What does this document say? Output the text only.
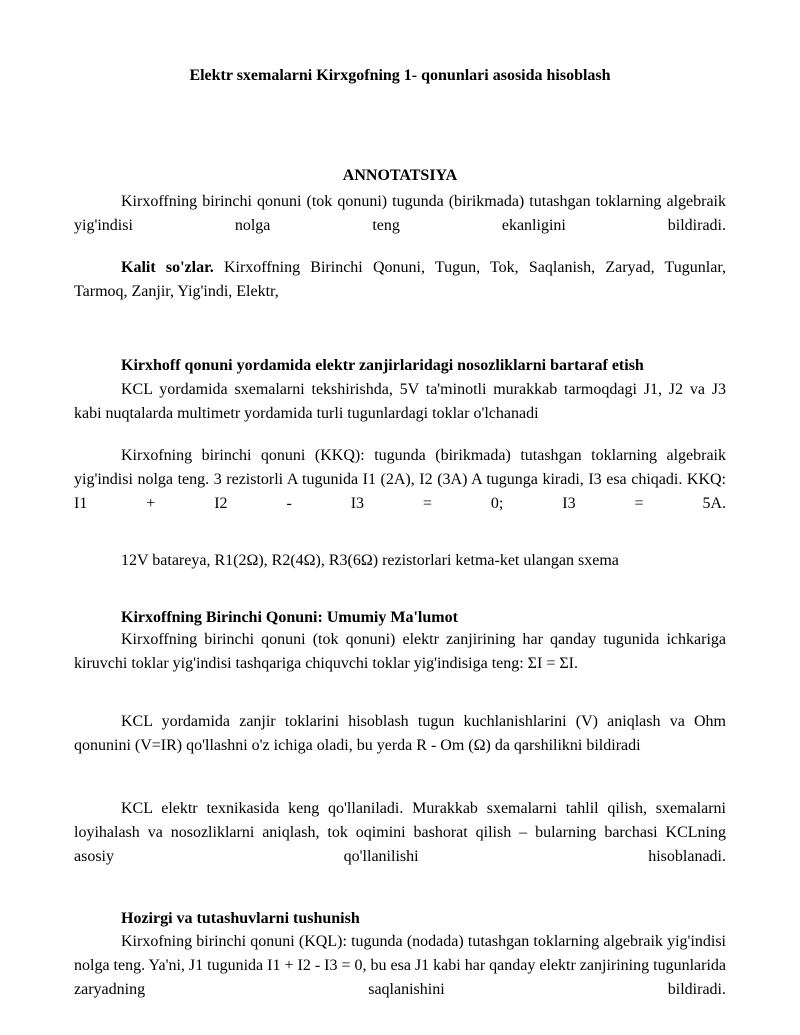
Elektr sxemalarni Kirxgofning 1- qonunlari asosida hisoblash
ANNOTATSIYA
Kirxoffning birinchi qonuni (tok qonuni) tugunda (birikmada) tutashgan toklarning algebraik yig'indisi nolga teng ekanligini bildiradi.
Kalit so'zlar. Kirxoffning Birinchi Qonuni, Tugun, Tok, Saqlanish, Zaryad, Tugunlar, Tarmoq, Zanjir, Yig'indi, Elektr,
Kirxhoff qonuni yordamida elektr zanjirlaridagi nosozliklarni bartaraf etish
KCL yordamida sxemalarni tekshirishda, 5V ta'minotli murakkab tarmoqdagi J1, J2 va J3 kabi nuqtalarda multimetr yordamida turli tugunlardagi toklar o'lchanadi
Kirxofning birinchi qonuni (KKQ): tugunda (birikmada) tutashgan toklarning algebraik yig'indisi nolga teng. 3 rezistorli A tugunida I1 (2A), I2 (3A) A tugunga kiradi, I3 esa chiqadi. KKQ: I1 + I2 - I3 = 0; I3 = 5A.
12V batareya, R1(2Ω), R2(4Ω), R3(6Ω) rezistorlari ketma-ket ulangan sxema
Kirxoffning Birinchi Qonuni: Umumiy Ma'lumot
Kirxoffning birinchi qonuni (tok qonuni) elektr zanjirining har qanday tugunida ichkariga kiruvchi toklar yig'indisi tashqariga chiquvchi toklar yig'indisiga teng: ΣI = ΣI.
KCL yordamida zanjir toklarini hisoblash tugun kuchlanishlarini (V) aniqlash va Ohm qonunini (V=IR) qo'llashni o'z ichiga oladi, bu yerda R - Om (Ω) da qarshilikni bildiradi
KCL elektr texnikasida keng qo'llaniladi. Murakkab sxemalarni tahlil qilish, sxemalarni loyihalash va nosozliklarni aniqlash, tok oqimini bashorat qilish – bularning barchasi KCLning asosiy qo'llanilishi hisoblanadi.
Hozirgi va tutashuvlarni tushunish
Kirxofning birinchi qonuni (KQL): tugunda (nodada) tutashgan toklarning algebraik yig'indisi nolga teng. Ya'ni, J1 tugunida I1 + I2 - I3 = 0, bu esa J1 kabi har qanday elektr zanjirining tugunlarida zaryadning saqlanishini bildiradi.
